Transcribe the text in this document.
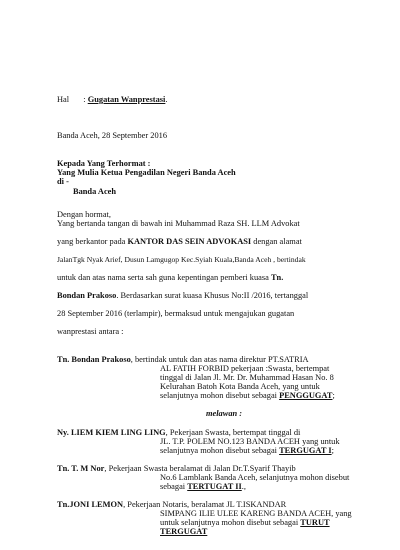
Hal : Gugatan Wanprestasi.
Banda Aceh, 28 September 2016
Kepada Yang Terhormat :
Yang Mulia Ketua Pengadilan Negeri Banda Aceh
di -
Banda Aceh
Dengan hormat,
Yang bertanda tangan di bawah ini Muhammad Raza SH. LLM Advokat
yang berkantor pada KANTOR DAS SEIN ADVOKASI dengan alamat
JalanTgk Nyak Arief, Dusun Lamgugop Kec.Syiah Kuala,Banda Aceh , bertindak
untuk dan atas nama serta sah guna kepentingan pemberi kuasa Tn.
Bondan Prakoso. Berdasarkan surat kuasa Khusus No:II /2016, tertanggal
28 September 2016 (terlampir), bermaksud untuk mengajukan gugatan
wanprestasi antara :
Tn. Bondan Prakoso, bertindak untuk dan atas nama direktur PT.SATRIA
AL FATIH FORBID pekerjaan :Swasta, bertempat
tinggal di Jalan Jl. Mr. Dr. Muhammad Hasan No. 8
Kelurahan Batoh Kota Banda Aceh, yang untuk
selanjutnya mohon disebut sebagai PENGGUGAT;
melawan :
Ny. LIEM KIEM LING LING, Pekerjaan Swasta, bertempat tinggal di
JL. T.P. POLEM NO.123 BANDA ACEH yang untuk
selanjutnya mohon disebut sebagai TERGUGAT I;
Tn. T. M Nor, Pekerjaan Swasta beralamat di Jalan Dr.T.Syarif Thayib
No.6 Lamblank Banda Aceh, selanjutnya mohon disebut
sebagai TERTUGAT II.,
Tn.JONI LEMON, Pekerjaan Notaris, beralamat JL T.ISKANDAR
SIMPANG ILIE ULEE KARENG BANDA ACEH, yang
untuk selanjutnya mohon disebut sebagai TURUT
TERGUGAT
